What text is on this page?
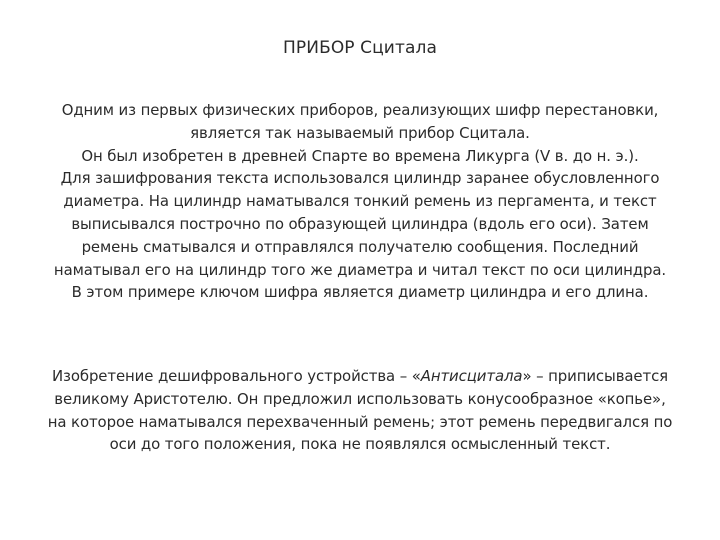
ПРИБОР Сцитала
Одним из первых физических приборов, реализующих шифр перестановки,
является так называемый прибор Сцитала.
Он был изобретен в древней Спарте во времена Ликурга (V в. до н. э.).
Для зашифрования текста использовался цилиндр заранее обусловленного
диаметра. На цилиндр наматывался тонкий ремень из пергамента, и текст
выписывался построчно по образующей цилиндра (вдоль его оси). Затем
ремень сматывался и отправлялся получателю сообщения. Последний
наматывал его на цилиндр того же диаметра и читал текст по оси цилиндра.
В этом примере ключом шифра является диаметр цилиндра и его длина.
Изобретение дешифровального устройства – «Антисцитала» – приписывается
великому Аристотелю. Он предложил использовать конусообразное «копье»,
на которое наматывался перехваченный ремень; этот ремень передвигался по
оси до того положения, пока не появлялся осмысленный текст.
